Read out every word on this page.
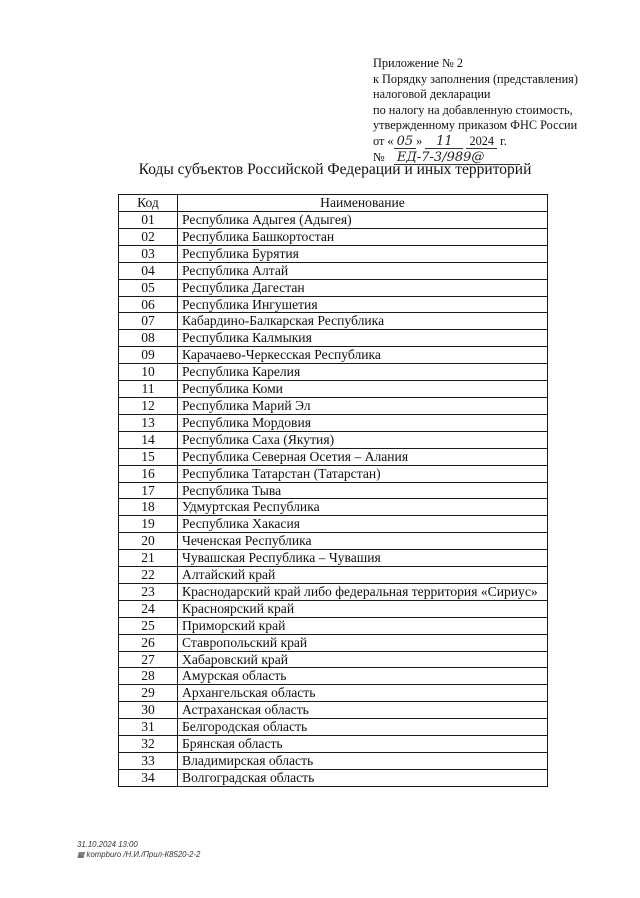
Приложение № 2
к Порядку заполнения (представления)
налоговой декларации
по налогу на добавленную стоимость,
утвержденному приказом ФНС России
от « 05 » 11 2024 г.
№ ЕД-7-3/989@
Коды субъектов Российской Федерации и иных территорий
Код	Наименование
01	Республика Адыгея (Адыгея)
02	Республика Башкортостан
03	Республика Бурятия
04	Республика Алтай
05	Республика Дагестан
06	Республика Ингушетия
07	Кабардино-Балкарская Республика
08	Республика Калмыкия
09	Карачаево-Черкесская Республика
10	Республика Карелия
11	Республика Коми
12	Республика Марий Эл
13	Республика Мордовия
14	Республика Саха (Якутия)
15	Республика Северная Осетия – Алания
16	Республика Татарстан (Татарстан)
17	Республика Тыва
18	Удмуртская Республика
19	Республика Хакасия
20	Чеченская Республика
21	Чувашская Республика – Чувашия
22	Алтайский край
23	Краснодарский край либо федеральная территория «Сириус»
24	Красноярский край
25	Приморский край
26	Ставропольский край
27	Хабаровский край
28	Амурская область
29	Архангельская область
30	Астраханская область
31	Белгородская область
32	Брянская область
33	Владимирская область
34	Волгоградская область
31.10.2024 13:00
▦ kompburo /Н.И./Прил-К8520-2-2
